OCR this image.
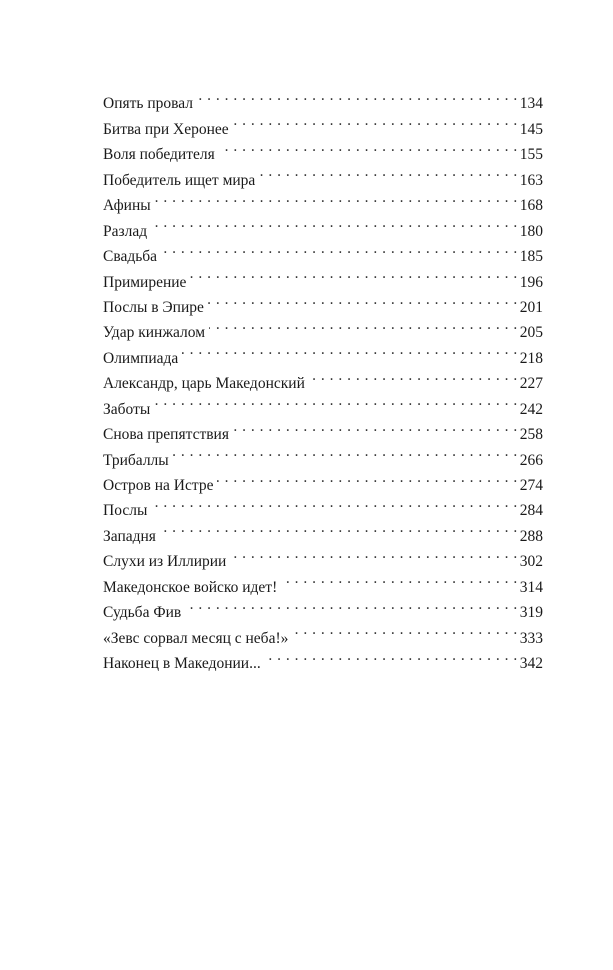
Опять провал . . .	134
Битва при Херонее . . .	145
Воля победителя . . .	155
Победитель ищет мира . . .	163
Афины . . .	168
Разлад . . .	180
Свадьба . . .	185
Примирение . . .	196
Послы в Эпире . . .	201
Удар кинжалом . . .	205
Олимпиада . . .	218
Александр, царь Македонский . . .	227
Заботы . . .	242
Снова препятствия . . .	258
Трибаллы . . .	266
Остров на Истре . . .	274
Послы . . .	284
Западня . . .	288
Слухи из Иллирии . . .	302
Македонское войско идет! . . .	314
Судьба Фив . . .	319
«Зевс сорвал месяц с неба!» . . .	333
Наконец в Македонии... . . .	342
